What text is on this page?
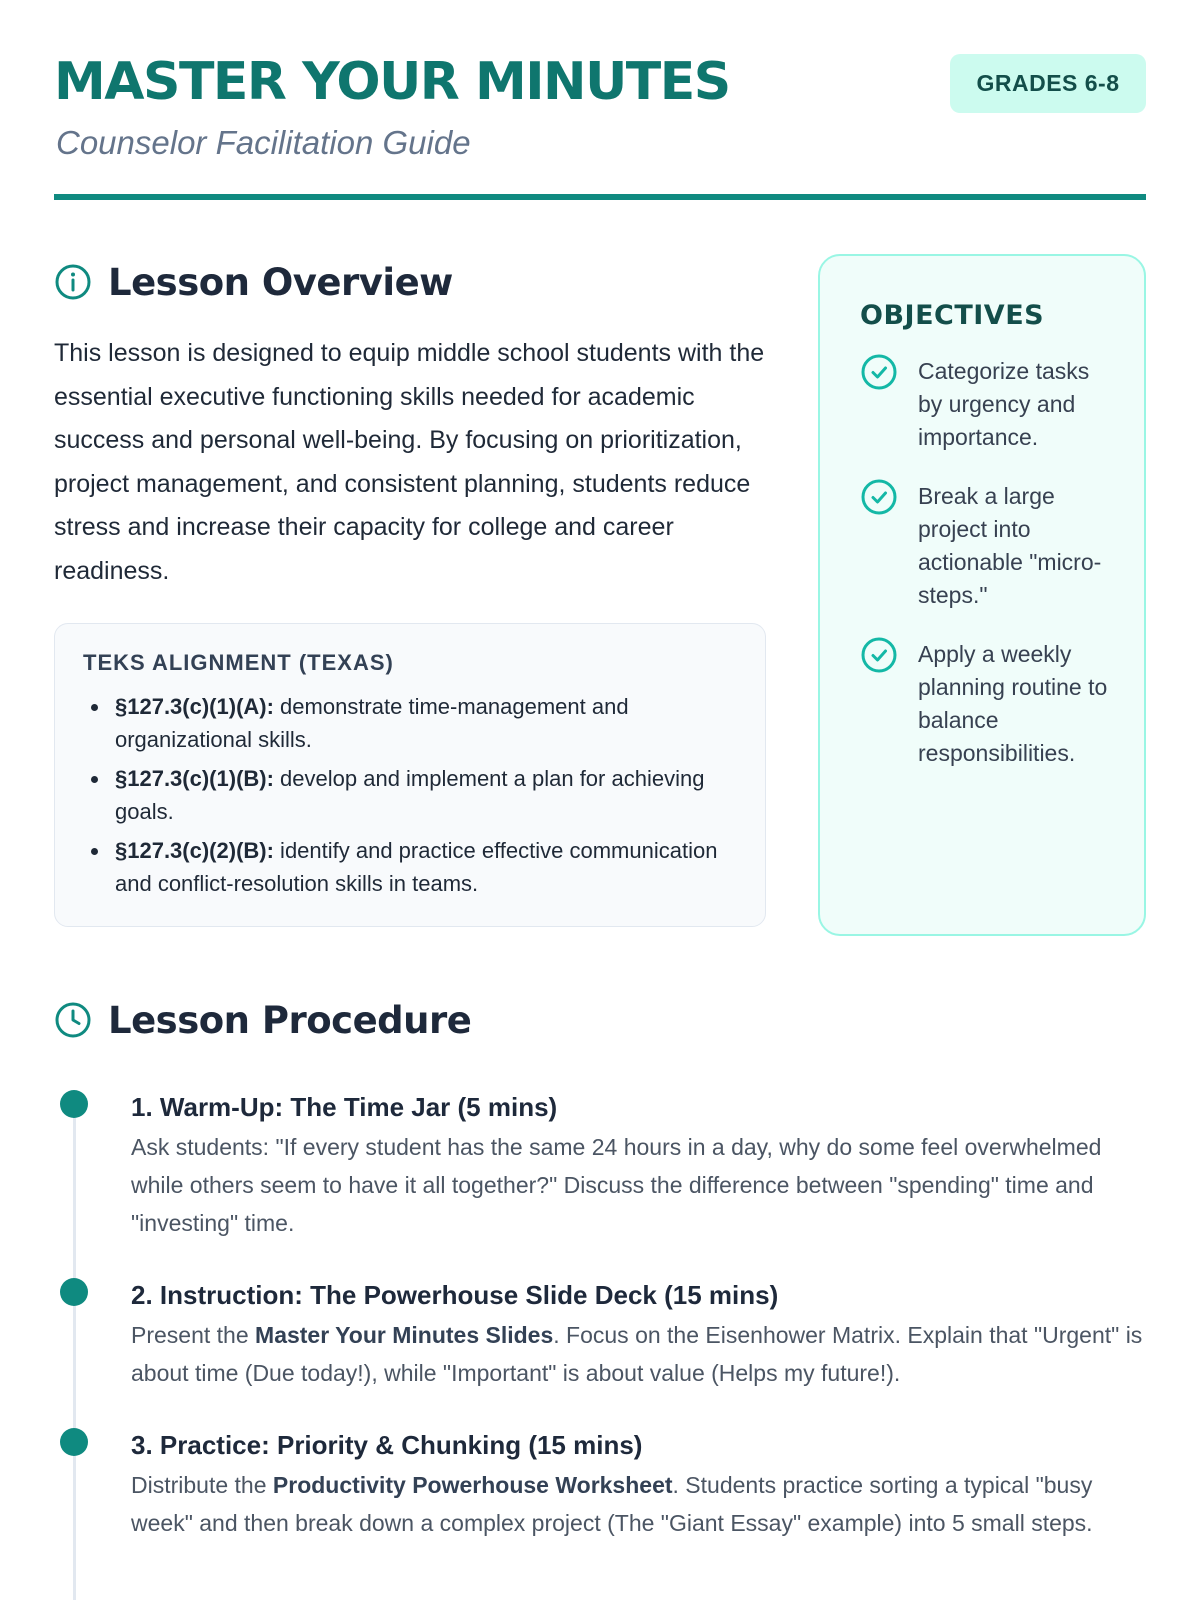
MASTER YOUR MINUTES
Counselor Facilitation Guide
GRADES 6-8
Lesson Overview

This lesson is designed to equip middle school students with the essential executive functioning skills needed for academic success and personal well-being. By focusing on prioritization, project management, and consistent planning, students reduce stress and increase their capacity for college and career readiness.

TEKS ALIGNMENT (TEXAS)
§127.3(c)(1)(A): demonstrate time-management and organizational skills.
§127.3(c)(1)(B): develop and implement a plan for achieving goals.
§127.3(c)(2)(B): identify and practice effective communication and conflict-resolution skills in teams.
OBJECTIVES
Categorize tasks by urgency and importance.
Break a large project into actionable "micro-steps."
Apply a weekly planning routine to balance responsibilities.
Lesson Procedure
1. Warm-Up: The Time Jar (5 mins)
Ask students: "If every student has the same 24 hours in a day, why do some feel overwhelmed while others seem to have it all together?" Discuss the difference between "spending" time and "investing" time.
2. Instruction: The Powerhouse Slide Deck (15 mins)
Present the Master Your Minutes Slides. Focus on the Eisenhower Matrix. Explain that "Urgent" is about time (Due today!), while "Important" is about value (Helps my future!).
3. Practice: Priority & Chunking (15 mins)
Distribute the Productivity Powerhouse Worksheet. Students practice sorting a typical "busy week" and then break down a complex project (The "Giant Essay" example) into 5 small steps.
